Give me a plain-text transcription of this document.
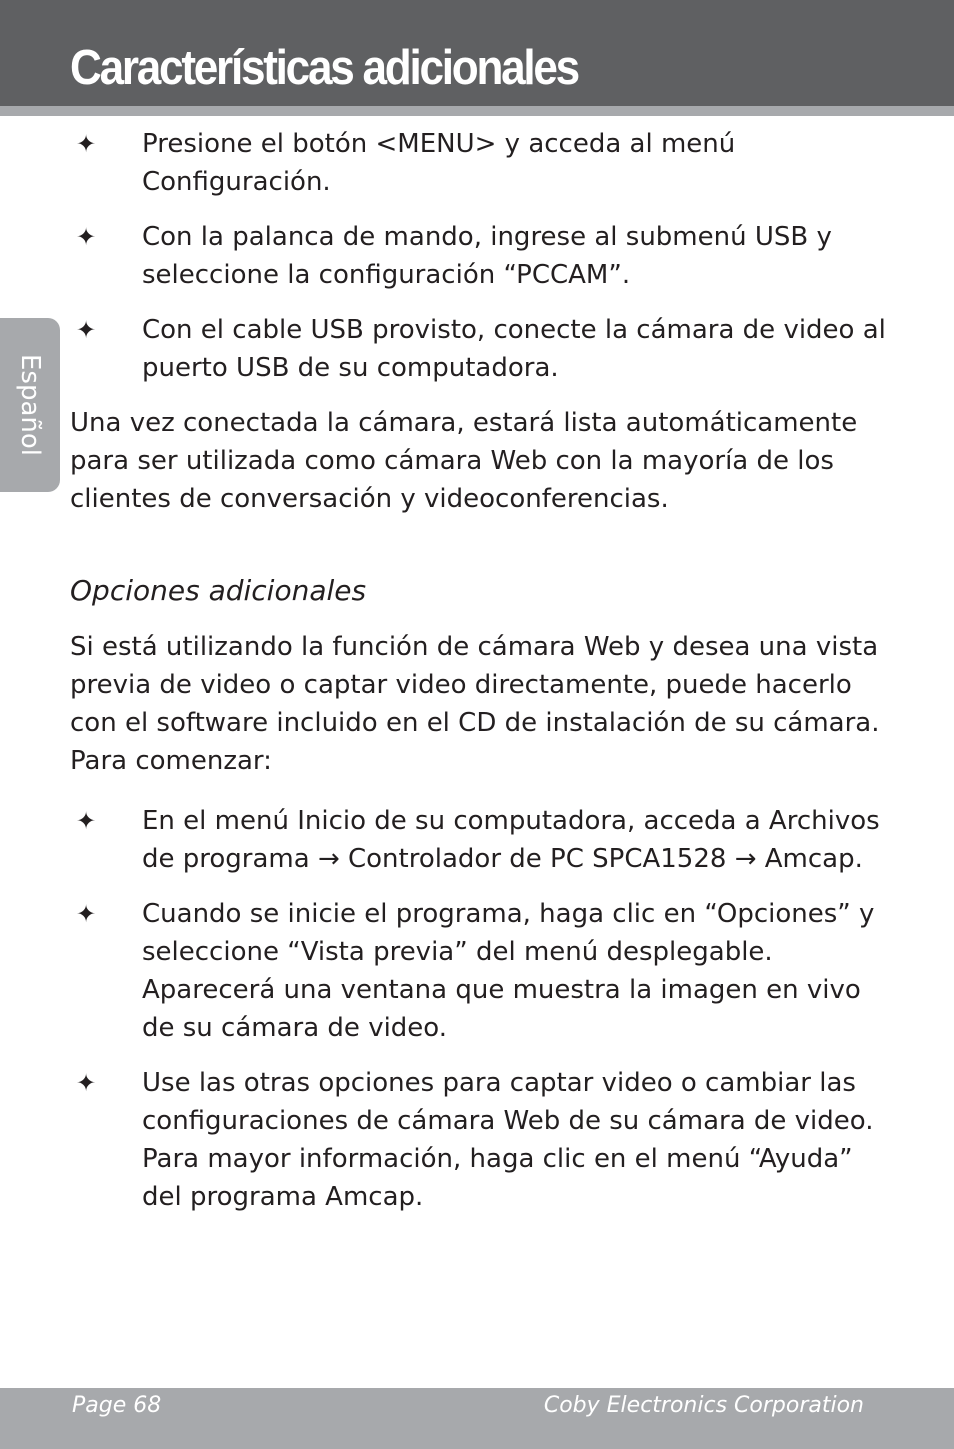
Características adicionales
Español
✦ Presione el botón <MENU> y acceda al menú Configuración.

✦ Con la palanca de mando, ingrese al submenú USB y seleccione la configuración “PCCAM”.

✦ Con el cable USB provisto, conecte la cámara de video al puerto USB de su computadora.

Una vez conectada la cámara, estará lista automáticamente para ser utilizada como cámara Web con la mayoría de los clientes de conversación y videoconferencias.

Opciones adicionales

Si está utilizando la función de cámara Web y desea una vista previa de video o captar video directamente, puede hacerlo con el software incluido en el CD de instalación de su cámara. Para comenzar:

✦ En el menú Inicio de su computadora, acceda a Archivos de programa → Controlador de PC SPCA1528 → Amcap.

✦ Cuando se inicie el programa, haga clic en “Opciones” y seleccione “Vista previa” del menú desplegable. Aparecerá una ventana que muestra la imagen en vivo de su cámara de video.

✦ Use las otras opciones para captar video o cambiar las configuraciones de cámara Web de su cámara de video. Para mayor información, haga clic en el menú “Ayuda” del programa Amcap.

Page 68	Coby Electronics Corporation
